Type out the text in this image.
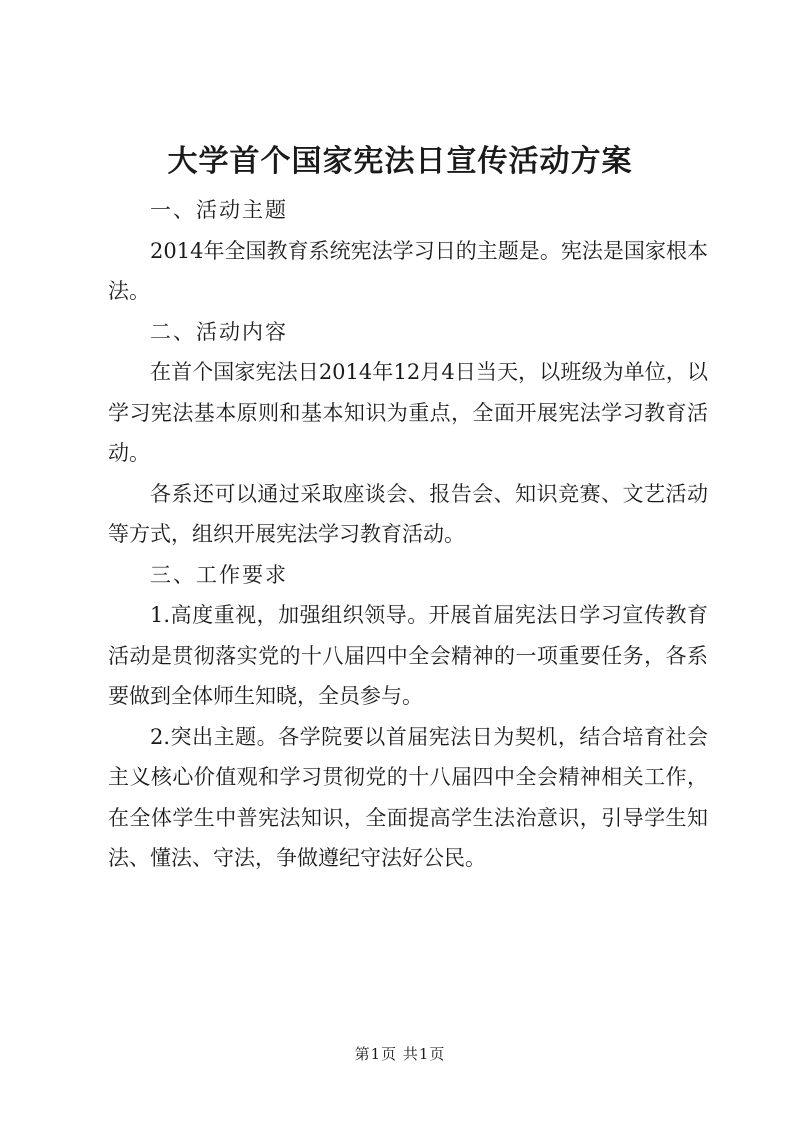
大学首个国家宪法日宣传活动方案

一、活动主题

2014年全国教育系统宪法学习日的主题是。宪法是国家根本法。

二、活动内容

在首个国家宪法日2014年12月4日当天，以班级为单位，以学习宪法基本原则和基本知识为重点，全面开展宪法学习教育活动。

各系还可以通过采取座谈会、报告会、知识竞赛、文艺活动等方式，组织开展宪法学习教育活动。

三、工作要求

1.高度重视，加强组织领导。开展首届宪法日学习宣传教育活动是贯彻落实党的十八届四中全会精神的一项重要任务，各系要做到全体师生知晓，全员参与。

2.突出主题。各学院要以首届宪法日为契机，结合培育社会主义核心价值观和学习贯彻党的十八届四中全会精神相关工作，在全体学生中普宪法知识，全面提高学生法治意识，引导学生知法、懂法、守法，争做遵纪守法好公民。

第1页 共1页
